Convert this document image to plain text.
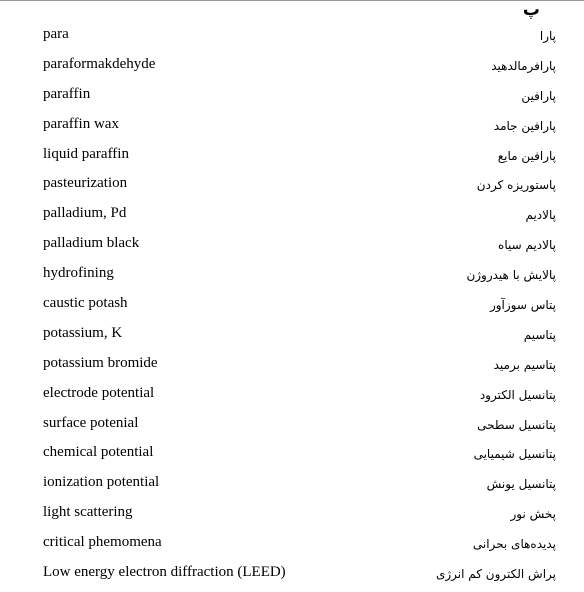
پ
para	پارا
paraformakdehyde	پارافرمالدهید
paraffin	پارافین
paraffin wax	پارافین جامد
liquid paraffin	پارافین مایع
pasteurization	پاستوریزه کردن
palladium, Pd	پالادیم
palladium black	پالادیم سیاه
hydrofining	پالایش با هیدروژن
caustic potash	پتاس سوزآور
potassium, K	پتاسیم
potassium bromide	پتاسیم برمید
electrode potential	پتانسیل الکترود
surface potenial	پتانسیل سطحی
chemical potential	پتانسیل شیمیایی
ionization potential	پتانسیل یونش
light scattering	پخش نور
critical phemomena	پدیده‌های بحرانی
Low energy electron diffraction (LEED)	پراش الکترون کم انرژی
